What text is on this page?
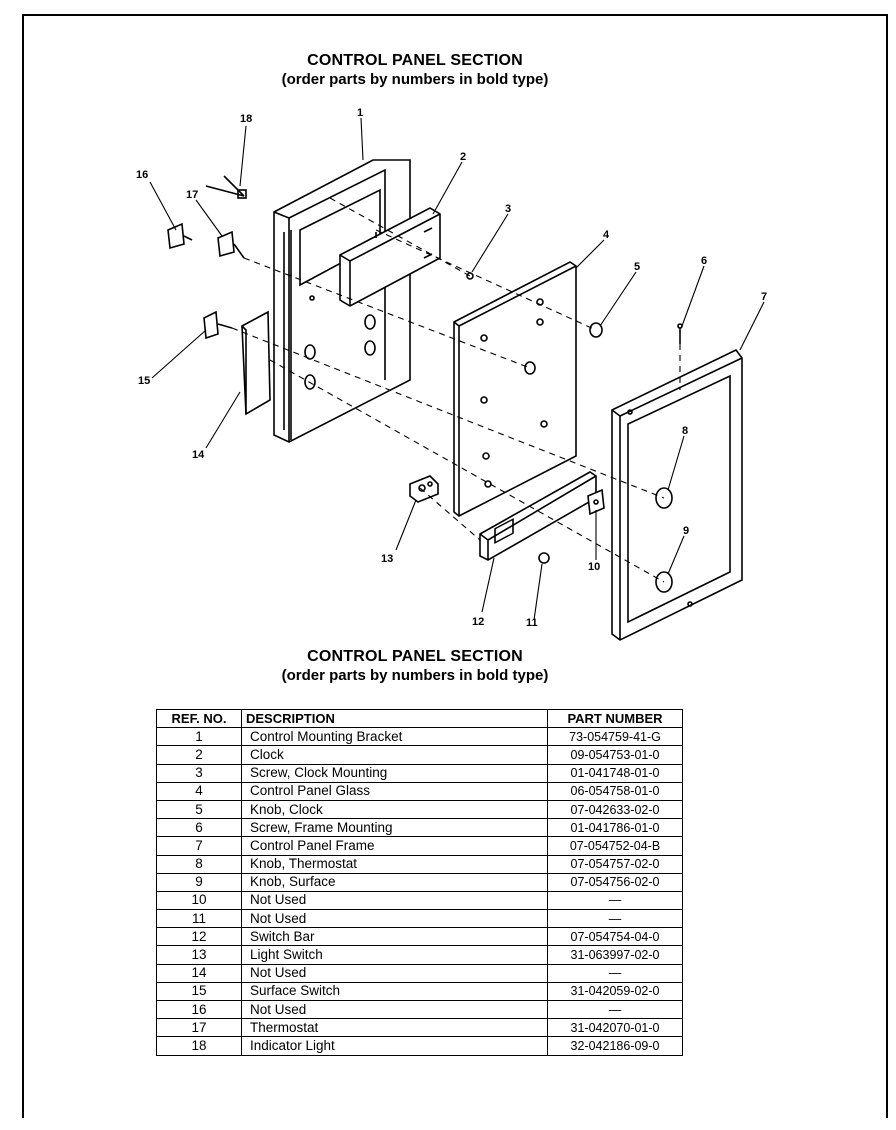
CONTROL PANEL SECTION
(order parts by numbers in bold type)
1
2
3
4
5	6
7
8
9
10
11
12
13
14
15
16
17
18
CONTROL PANEL SECTION
(order parts by numbers in bold type)
REF. NO.	DESCRIPTION	PART NUMBER
1	Control Mounting Bracket	73-054759-41-G
2	Clock	09-054753-01-0
3	Screw, Clock Mounting	01-041748-01-0
4	Control Panel Glass	06-054758-01-0
5	Knob, Clock	07-042633-02-0
6	Screw, Frame Mounting	01-041786-01-0
7	Control Panel Frame	07-054752-04-B
8	Knob, Thermostat	07-054757-02-0
9	Knob, Surface	07-054756-02-0
10	Not Used	—
11	Not Used	—
12	Switch Bar	07-054754-04-0
13	Light Switch	31-063997-02-0
14	Not Used	—
15	Surface Switch	31-042059-02-0
16	Not Used	—
17	Thermostat	31-042070-01-0
18	Indicator Light	32-042186-09-0
